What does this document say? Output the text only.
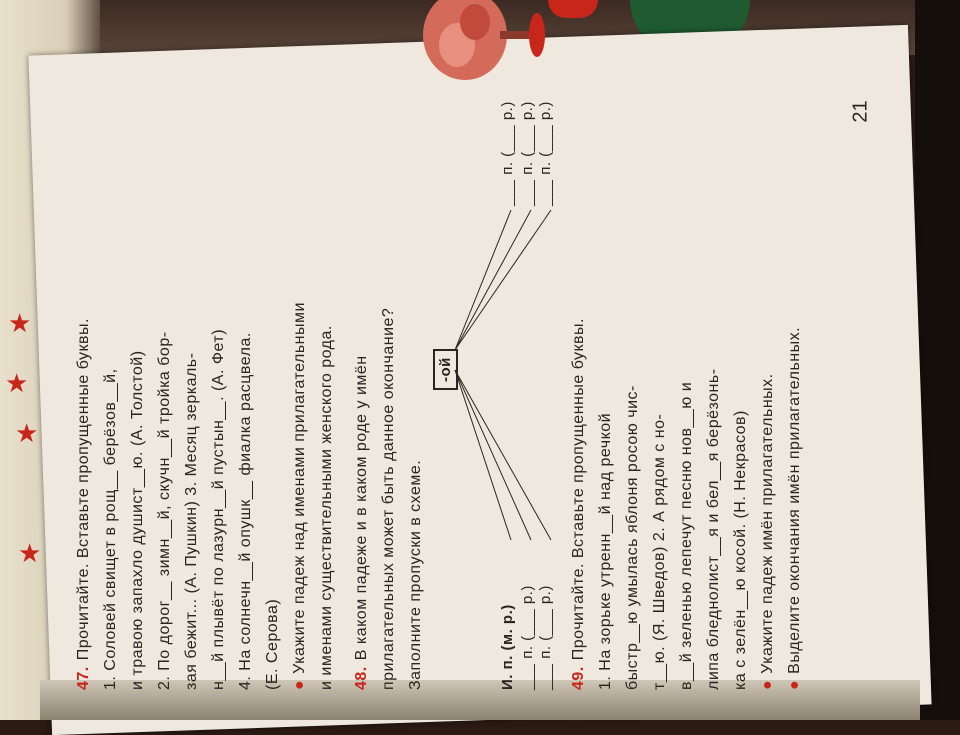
★
★
★
★
21
47.Прочитайте. Вставьте пропущенные буквы. 1. Соловей свищет в рощ__ берёзов__й, и травою запахло душист__ю. (А. Толстой) 2. По дорог__ зимн__й, скучн__й тройка бор- зая бежит... (А. Пушкин) 3. Месяц зеркаль- н__й плывёт по лазурн__й пустын__. (А. Фет) 4. На солнечн__й опушк__ фиалка расцвела. (Е. Серова) ●Укажите падеж над именами прилагательными и именами существительными женского рода.	48.В каком падеже и в каком роде у имён прилагательных может быть данное окончание? Заполните пропуски в схеме.
-ой
И. п. (м. р.) ___ п. (___ р.) ___ п. (___ р.)
___ п. (___ р.) ___ п. (___ р.) ___ п. (___ р.)
49.Прочитайте. Вставьте пропущенные буквы. 1. На зорьке утренн__й над речкой быстр__ю умылась яблоня росою чис- т__ю. (Я. Шведов) 2. А рядом с но- в__й зеленью лепечут песню нов__ю и липа бледнолист__я и бел__я берёзонь- ка с зелён__ю косой. (Н. Некрасов) ●Укажите падеж имён прилагательных.
●Выделите окончания имён прилагательных.
